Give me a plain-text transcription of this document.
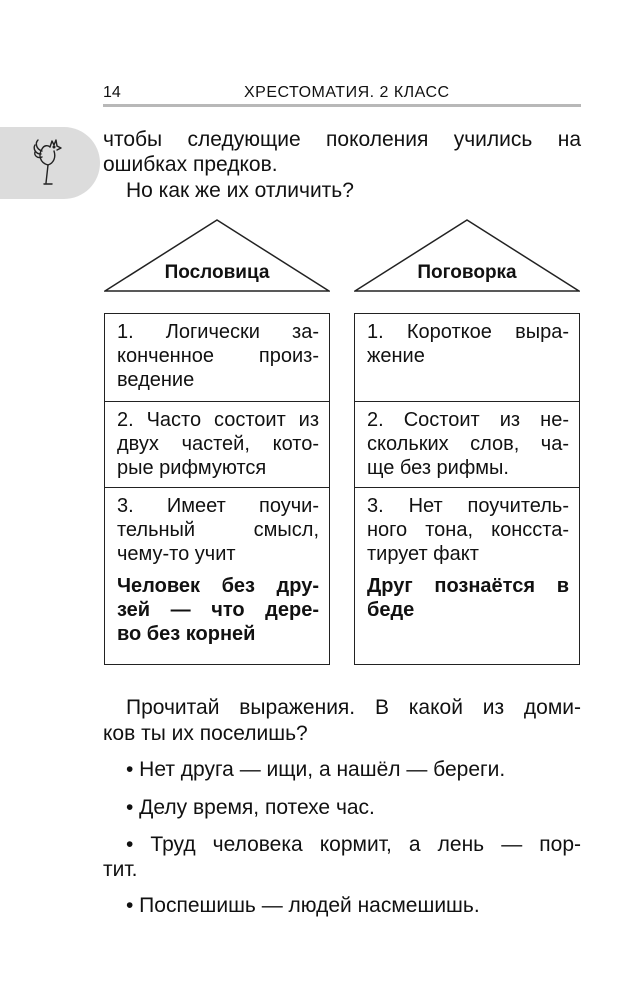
14	ХРЕСТОМАТИЯ. 2 КЛАСС

чтобы следующие поколения учились на

ошибках предков.

Но как же их отличить?

Пословица	Поговорка

1. Логически за-

конченное произ-

ведение

2. Часто состоит из

двух частей, кото-

рые рифмуются

3. Имеет поучи-

тельный смысл,

чему-то учит

Человек без дру-

зей — что дере-

во без корней

1. Короткое выра-

жение

2. Состоит из не-

скольких слов, ча-

ще без рифмы.

3. Нет поучитель-

ного тона, консста-

тирует факт

Друг познаётся в

беде

Прочитай выражения. В какой из доми-

ков ты их поселишь?

• Нет друга — ищи, а нашёл — береги.

• Делу время, потехе час.

• Труд человека кормит, а лень — пор-

тит.

• Поспешишь — людей насмешишь.
